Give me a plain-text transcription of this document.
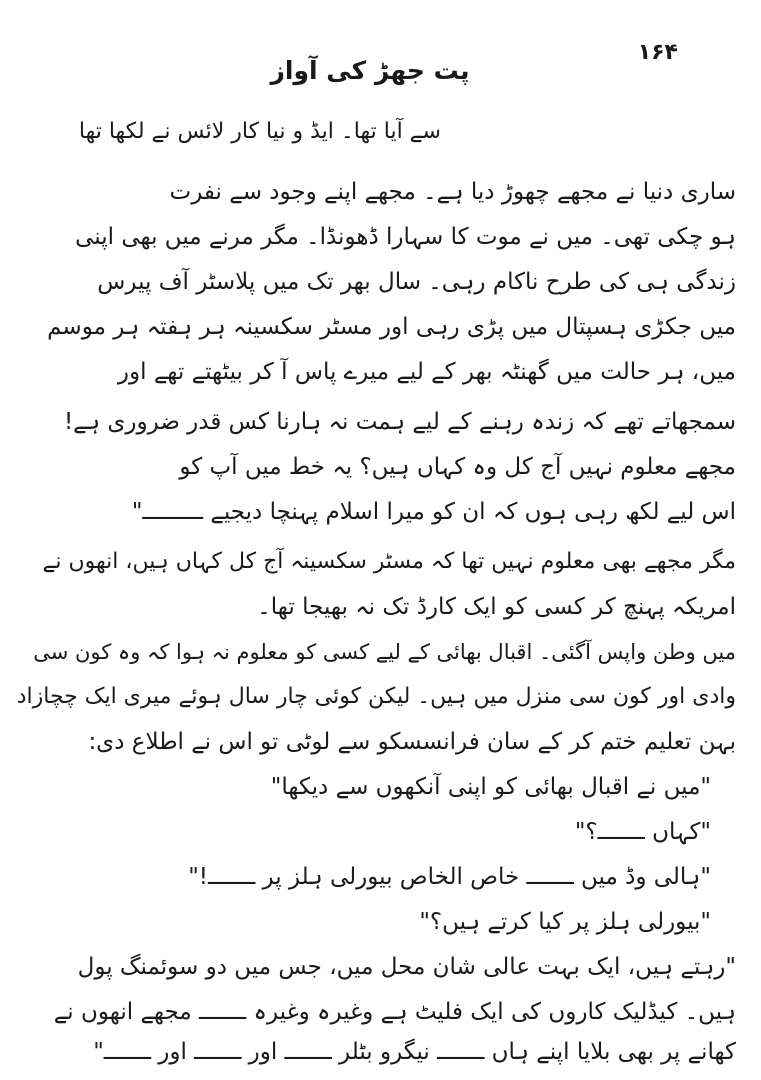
۱۶۴
پت جھڑ کی آواز
سے آیا تھا۔ ایڈ و نیا کار لائس نے لکھا تھا
ساری دنیا نے مجھے چھوڑ دیا ہے۔ مجھے اپنے وجود سے نفرت
ہو چکی تھی۔ میں نے موت کا سہارا ڈھونڈا۔ مگر مرنے میں بھی اپنی
زندگی ہی کی طرح ناکام رہی۔ سال بھر تک میں پلاسٹر آف پیرس
میں جکڑی ہسپتال میں پڑی رہی اور مسٹر سکسینہ ہر ہفتہ ہر موسم
میں، ہر حالت میں گھنٹہ بھر کے لیے میرے پاس آ کر بیٹھتے تھے اور
سمجھاتے تھے کہ زندہ رہنے کے لیے ہمت نہ ہارنا کس قدر ضروری ہے!
مجھے معلوم نہیں آج کل وہ کہاں ہیں؟ یہ خط میں آپ کو
اس لیے لکھ رہی ہوں کہ ان کو میرا اسلام پہنچا دیجیے ـــــــــ"
مگر مجھے بھی معلوم نہیں تھا کہ مسٹر سکسینہ آج کل کہاں ہیں، انھوں نے
امریکہ پہنچ کر کسی کو ایک کارڈ تک نہ بھیجا تھا۔
میں وطن واپس آگئی۔ اقبال بھائی کے لیے کسی کو معلوم نہ ہوا کہ وہ کون سی
وادی اور کون سی منزل میں ہیں۔ لیکن کوئی چار سال ہوئے میری ایک چچازاد
بہن تعلیم ختم کر کے سان فرانسسکو سے لوٹی تو اس نے اطلاع دی:
"میں نے اقبال بھائی کو اپنی آنکھوں سے دیکھا"
"کہاں ـــــــ؟"
"ہالی وڈ میں ـــــــ خاص الخاص بیورلی ہلز پر ـــــــ!"
"بیورلی ہلز پر کیا کرتے ہیں؟"
"رہتے ہیں، ایک بہت عالی شان محل میں، جس میں دو سوئمنگ پول
ہیں۔ کیڈلیک کاروں کی ایک فلیٹ ہے وغیرہ وغیرہ ـــــــ مجھے انھوں نے
کھانے پر بھی بلایا اپنے ہاں ـــــــ نیگرو بٹلر ـــــــ اور ـــــــ اور ـــــــ"
